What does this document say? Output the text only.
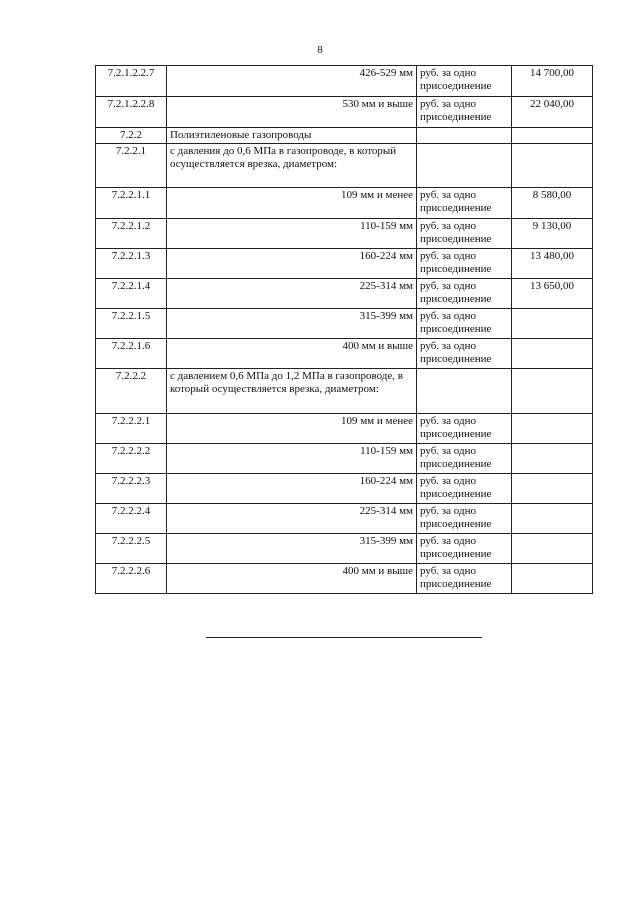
8
7.2.1.2.2.7	426-529 мм	руб. за одно присоединение	14 700,00
7.2.1.2.2.8	530 мм и выше	руб. за одно присоединение	22 040,00
7.2.2	Полиэтиленовые газопроводы		
7.2.2.1	с давления до 0,6 МПа в газопроводе, в который осуществляется врезка, диаметром:		
7.2.2.1.1	109 мм и менее	руб. за одно присоединение	8 580,00
7.2.2.1.2	110-159 мм	руб. за одно присоединение	9 130,00
7.2.2.1.3	160-224 мм	руб. за одно присоединение	13 480,00
7.2.2.1.4	225-314 мм	руб. за одно присоединение	13 650,00
7.2.2.1.5	315-399 мм	руб. за одно присоединение	
7.2.2.1.6	400 мм и выше	руб. за одно присоединение	
7.2.2.2	с давлением 0,6 МПа до 1,2 МПа в газопроводе, в который осуществляется врезка, диаметром:		
7.2.2.2.1	109 мм и менее	руб. за одно присоединение	
7.2.2.2.2	110-159 мм	руб. за одно присоединение	
7.2.2.2.3	160-224 мм	руб. за одно присоединение	
7.2.2.2.4	225-314 мм	руб. за одно присоединение	
7.2.2.2.5	315-399 мм	руб. за одно присоединение	
7.2.2.2.6	400 мм и выше	руб. за одно присоединение	
